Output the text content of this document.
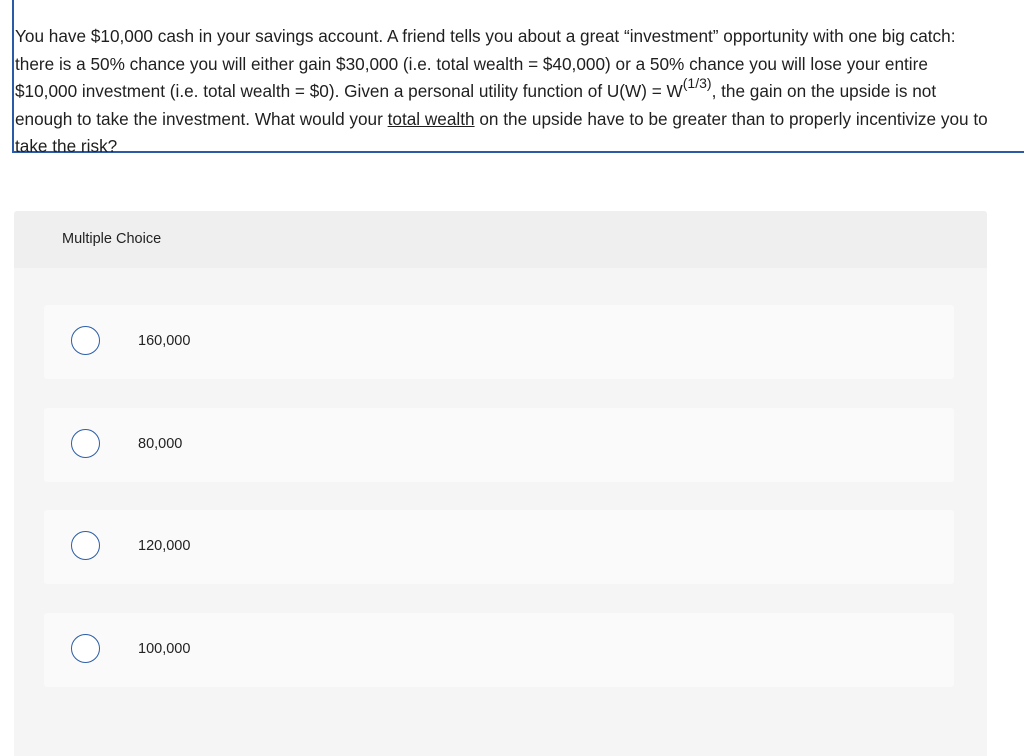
You have $10,000 cash in your savings account. A friend tells you about a great “investment” opportunity with one big catch: there is a 50% chance you will either gain $30,000 (i.e. total wealth = $40,000) or a 50% chance you will lose your entire $10,000 investment (i.e. total wealth = $0). Given a personal utility function of $U(W) = W^{(1/3)}$, the gain on the upside is not enough to take the investment. What would your total wealth on the upside have to be greater than to properly incentivize you to take the risk?
Multiple Choice
160,000
80,000
120,000
100,000
